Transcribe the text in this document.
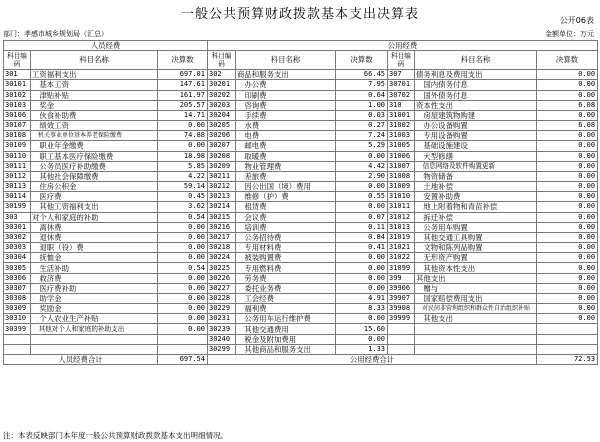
一般公共预算财政拨款基本支出决算表	公开06表
部门：孝感市城乡规划局（汇总）	金额单位：万元
人员经费			公用经费					
科目编码	科目名称	决算数	科目编码	科目名称	决算数	科目编码	科目名称	决算数
301	工资福利支出	697.01	302	商品和服务支出	66.45	307	债务利息及费用支出	0.00
30101	　基本工资	147.61	30201	　办公费	7.95	30701	　国内债务付息	0.00
30102	　津贴补贴	161.97	30202	　印刷费	0.64	30702	　国外债务付息	0.00
30103	　奖金	205.57	30203	　咨询费	1.00	310	资本性支出	6.08
30106	　伙食补助费	14.71	30204	　手续费	0.03	31001	　房屋建筑物购建	0.00
30107	　绩效工资	0.00	30205	　水费	0.27	31002	　办公设备购置	6.08
30108	　机关事业单位基本养老保险缴费	74.88	30206	　电费	7.24	31003	　专用设备购置	0.00
30109	　职业年金缴费	0.00	30207	　邮电费	5.29	31005	　基础设施建设	0.00
30110	　职工基本医疗保险缴费	18.98	30208	　取暖费	0.00	31006	　大型修缮	0.00
30111	　公务员医疗补助缴费	5.85	30209	　物业管理费	4.42	31007	　信息网络及软件购置更新	0.00
30112	　其他社会保障缴费	4.22	30211	　差旅费	2.90	31008	　物资储备	0.00
30113	　住房公积金	59.14	30212	　因公出国（境）费用	0.00	31009	　土地补偿	0.00
30114	　医疗费	0.45	30213	　维修（护）费	0.55	31010	　安置补助费	0.00
30199	　其他工资福利支出	3.62	30214	　租赁费	0.00	31011	　地上附着物和青苗补偿	0.00
303	对个人和家庭的补助	0.54	30215	　会议费	0.07	31012	　拆迁补偿	0.00
30301	　离休费	0.00	30216	　培训费	0.11	31013	　公务用车购置	0.00
30302	　退休费	0.00	30217	　公务招待费	0.84	31019	　其他交通工具购置	0.00
30303	　退职（役）费	0.00	30218	　专用材料费	0.41	31021	　文物和陈列品购置	0.00
30304	　抚恤金	0.00	30224	　被装购置费	0.00	31022	　无形资产购置	0.00
30305	　生活补助	0.54	30225	　专用燃料费	0.00	31099	　其他资本性支出	0.00
30306	　救济费	0.00	30226	　劳务费	0.00	399	其他支出	0.00
30307	　医疗费补助	0.00	30227	　委托业务费	0.00	39906	　赠与	0.00
30308	　助学金	0.00	30228	　工会经费	4.91	39907	　国家赔偿费用支出	0.00
30309	　奖励金	0.00	30229	　福利费	8.33	39908	　对民间非营利组织和群众性自治组织补贴	0.00
30310	　个人农业生产补贴	0.00	30231	　公务用车运行维护费	0.00	39999	　其他支出	0.00
30399	　其他对个人和家庭的补助支出	0.00	30239	　其他交通费用	15.60			
			30240	　税金及附加费用	0.00			
			30299	　其他商品和服务支出	1.33			
人员经费合计		697.54	公用经费合计					72.53
注：本表反映部门本年度一般公共预算财政拨款基本支出明细情况。
